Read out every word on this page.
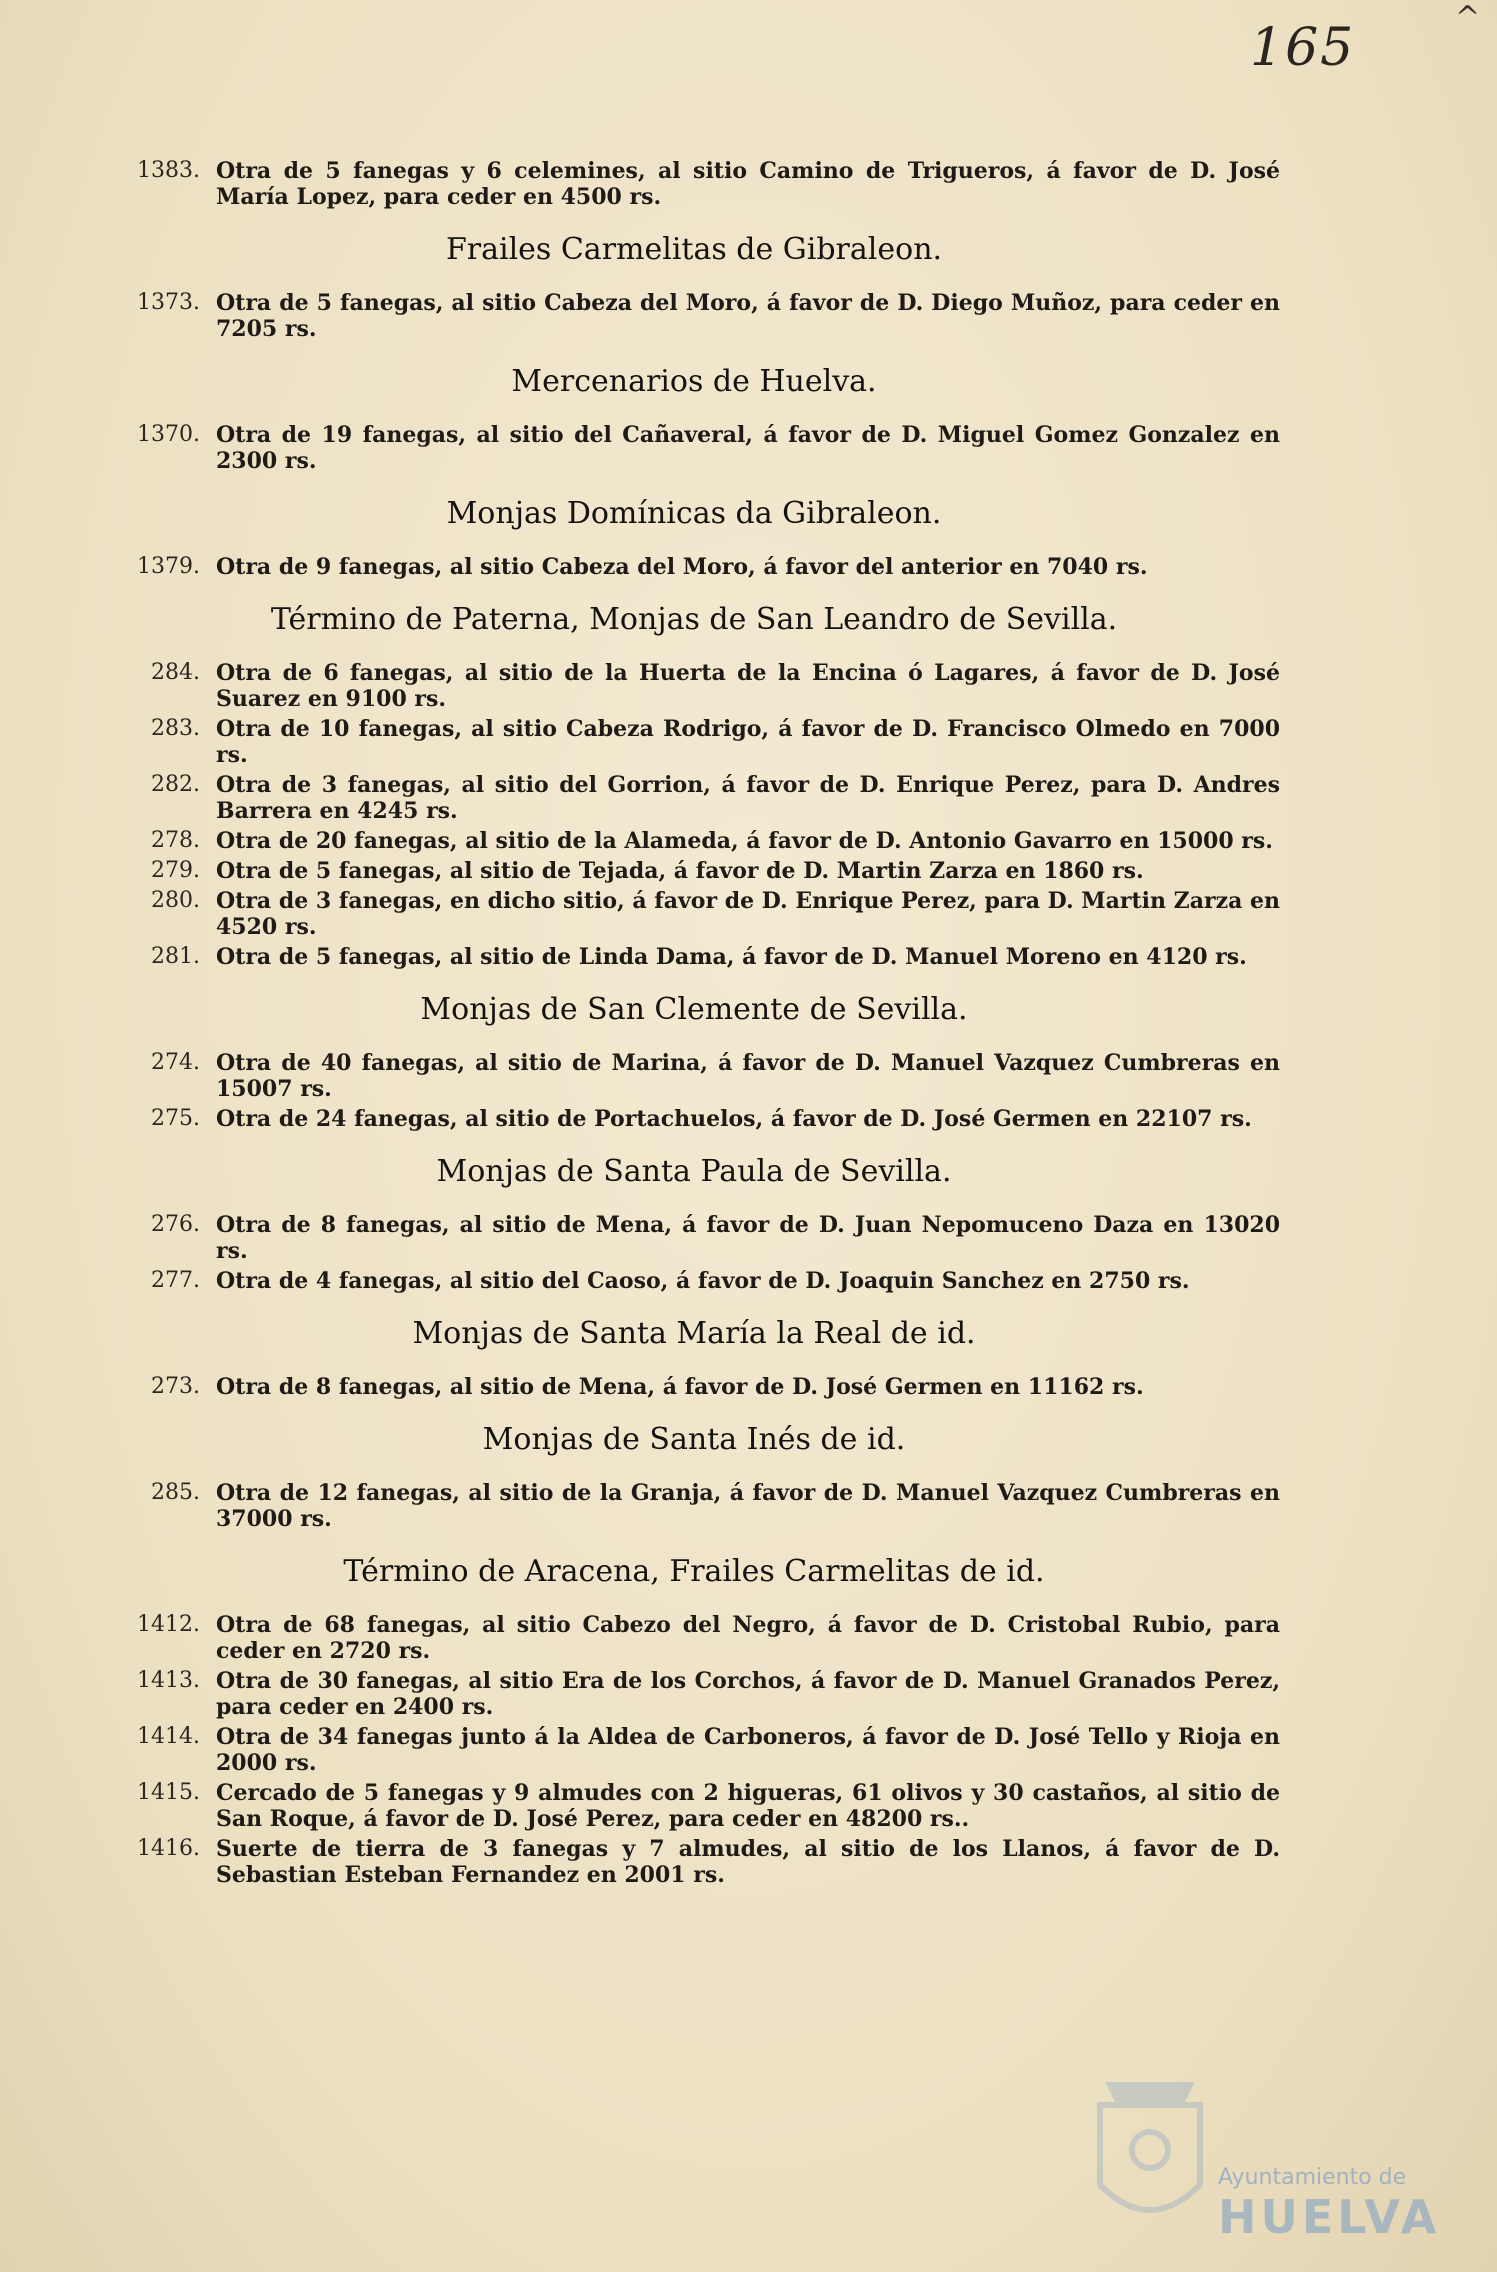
165
^
1383. Otra de 5 fanegas y 6 celemines, al sitio Camino de Trigueros, á favor de D. José María Lopez, para ceder en 4500 rs.
Frailes Carmelitas de Gibraleon.
1373. Otra de 5 fanegas, al sitio Cabeza del Moro, á favor de D. Diego Muñoz, para ceder en 7205 rs.
Mercenarios de Huelva.
1370. Otra de 19 fanegas, al sitio del Cañaveral, á favor de D. Miguel Gomez Gonzalez en 2300 rs.
Monjas Domínicas da Gibraleon.
1379. Otra de 9 fanegas, al sitio Cabeza del Moro, á favor del anterior en 7040 rs.
Término de Paterna, Monjas de San Leandro de Sevilla.
284. Otra de 6 fanegas, al sitio de la Huerta de la Encina ó Lagares, á favor de D. José Suarez en 9100 rs.
283. Otra de 10 fanegas, al sitio Cabeza Rodrigo, á favor de D. Francisco Olmedo en 7000 rs.
282. Otra de 3 fanegas, al sitio del Gorrion, á favor de D. Enrique Perez, para D. Andres Barrera en 4245 rs.
278. Otra de 20 fanegas, al sitio de la Alameda, á favor de D. Antonio Gavarro en 15000 rs.
279. Otra de 5 fanegas, al sitio de Tejada, á favor de D. Martin Zarza en 1860 rs.
280. Otra de 3 fanegas, en dicho sitio, á favor de D. Enrique Perez, para D. Martin Zarza en 4520 rs.
281. Otra de 5 fanegas, al sitio de Linda Dama, á favor de D. Manuel Moreno en 4120 rs.
Monjas de San Clemente de Sevilla.
274. Otra de 40 fanegas, al sitio de Marina, á favor de D. Manuel Vazquez Cumbreras en 15007 rs.
275. Otra de 24 fanegas, al sitio de Portachuelos, á favor de D. José Germen en 22107 rs.
Monjas de Santa Paula de Sevilla.
276. Otra de 8 fanegas, al sitio de Mena, á favor de D. Juan Nepomuceno Daza en 13020 rs.
277. Otra de 4 fanegas, al sitio del Caoso, á favor de D. Joaquin Sanchez en 2750 rs.
Monjas de Santa María la Real de id.
273. Otra de 8 fanegas, al sitio de Mena, á favor de D. José Germen en 11162 rs.
Monjas de Santa Inés de id.
285. Otra de 12 fanegas, al sitio de la Granja, á favor de D. Manuel Vazquez Cumbreras en 37000 rs.
Término de Aracena, Frailes Carmelitas de id.
1412. Otra de 68 fanegas, al sitio Cabezo del Negro, á favor de D. Cristobal Rubio, para ceder en 2720 rs.
1413. Otra de 30 fanegas, al sitio Era de los Corchos, á favor de D. Manuel Granados Perez, para ceder en 2400 rs.
1414. Otra de 34 fanegas junto á la Aldea de Carboneros, á favor de D. José Tello y Rioja en 2000 rs.
1415. Cercado de 5 fanegas y 9 almudes con 2 higueras, 61 olivos y 30 castaños, al sitio de San Roque, á favor de D. José Perez, para ceder en 48200 rs..
1416. Suerte de tierra de 3 fanegas y 7 almudes, al sitio de los Llanos, á favor de D. Sebastian Esteban Fernandez en 2001 rs.
Ayuntamiento de
HUELVA
